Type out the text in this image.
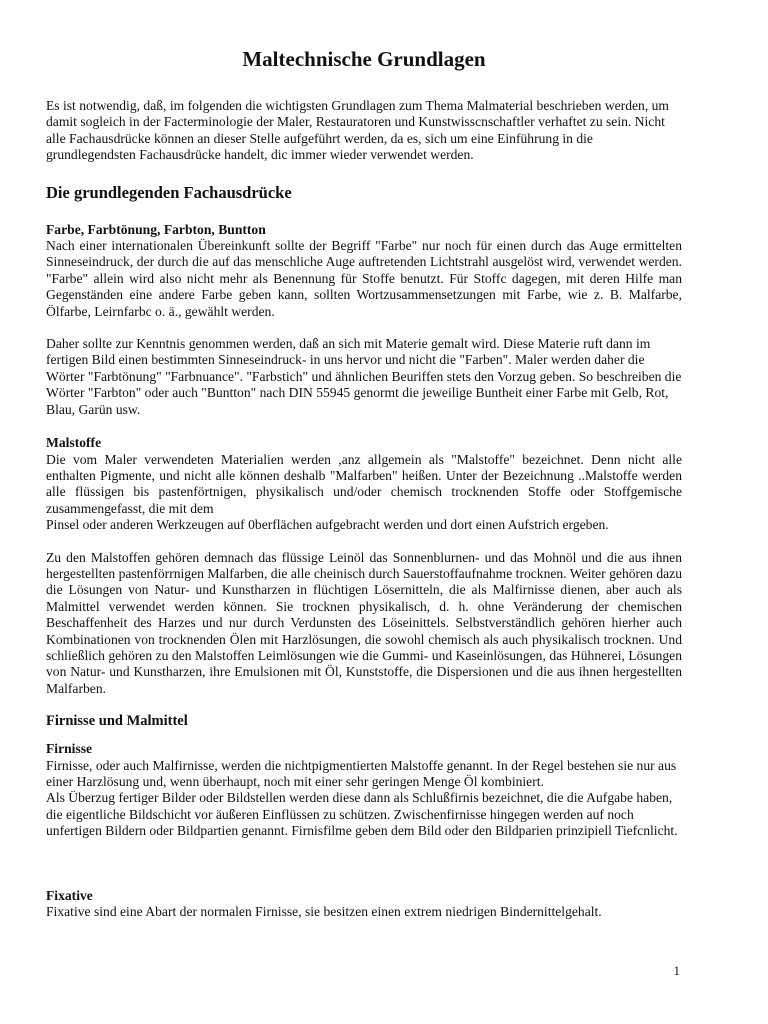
Maltechnische Grundlagen

Es ist notwendig, daß, im folgenden die wichtigsten Grundlagen zum Thema Malmaterial beschrieben werden, um damit sogleich in der Facterminologie der Maler, Restauratoren und Kunstwisscnschaftler verhaftet zu sein. Nicht alle Fachausdrücke können an dieser Stelle aufgeführt werden, da es, sich um eine Einführung in die grundlegendsten Fachausdrücke handelt, dic immer wieder verwendet werden.

Die grundlegenden Fachausdrücke
Farbe, Farbtönung, Farbton, Buntton

Nach einer internationalen Übereinkunft sollte der Begriff "Farbe" nur noch für einen durch das Auge ermittelten Sinneseindruck, der durch die auf das menschliche Auge auftretenden Lichtstrahl ausgelöst wird, verwendet werden. "Farbe" allein wird also nicht mehr als Benennung für Stoffe benutzt. Für Stoffc dagegen, mit deren Hilfe man Gegenständen eine andere Farbe geben kann, sollten Wortzusammensetzungen mit Farbe, wie z. B. Malfarbe, Ölfarbe, Leirnfarbc o. ä., gewählt werden.

Daher sollte zur Kenntnis genommen werden, daß an sich mit Materie gemalt wird. Diese Materie ruft dann im fertigen Bild einen bestimmten Sinneseindruck- in uns hervor und nicht die "Farben". Maler werden daher die Wörter "Farbtönung" "Farbnuance". "Farbstich" und ähnlichen Beuriffen stets den Vorzug geben. So beschreiben die Wörter "Farbton" oder auch "Buntton" nach DIN 55945 genormt die jeweilige Buntheit einer Farbe mit Gelb, Rot, Blau, Garün usw.

Malstoffe

Die vom Maler verwendeten Materialien werden ,anz allgemein als "Malstoffe" bezeichnet. Denn nicht alle enthalten Pigmente, und nicht alle können deshalb "Malfarben" heißen. Unter der Bezeichnung ..Malstoffe werden alle flüssigen bis pastenförtnigen, physikalisch und/oder chemisch trocknenden Stoffe oder Stoffgemische zusammengefasst, die mit dem

Pinsel oder anderen Werkzeugen auf 0berflächen aufgebracht werden und dort einen Aufstrich ergeben.

Zu den Malstoffen gehören demnach das flüssige Leinöl das Sonnenblurnen- und das Mohnöl und die aus ihnen hergestellten pastenförrnigen Malfarben, die alle cheinisch durch Sauerstoffaufnahme trocknen. Weiter gehören dazu die Lösungen von Natur- und Kunstharzen in flüchtigen Lösernitteln, die als Malfirnisse dienen, aber auch als Malmittel verwendet werden können. Sie trocknen physikalisch, d. h. ohne Veränderung der chemischen Beschaffenheit des Harzes und nur durch Verdunsten des Löseinittels. Selbstverständlich gehören hierher auch Kombinationen von trocknenden Ölen mit Harzlösungen, die sowohl chemisch als auch physikalisch trocknen. Und schließlich gehören zu den Malstoffen Leimlösungen wie die Gummi- und Kaseinlösungen, das Hühnerei, Lösungen von Natur- und Kunstharzen, ihre Emulsionen mit Öl, Kunststoffe, die Dispersionen und die aus ihnen hergestellten Malfarben.

Firnisse und Malmittel
Firnisse

Firnisse, oder auch Malfirnisse, werden die nichtpigmentierten Malstoffe genannt. In der Regel bestehen sie nur aus einer Harzlösung und, wenn überhaupt, noch mit einer sehr geringen Menge Öl kombiniert.

Als Überzug fertiger Bilder oder Bildstellen werden diese dann als Schlußfirnis bezeichnet, die die Aufgabe haben, die eigentliche Bildschicht vor äußeren Einflüssen zu schützen. Zwischenfirnisse hingegen werden auf noch unfertigen Bildern oder Bildpartien genannt. Firnisfilme geben dem Bild oder den Bildparien prinzipiell Tiefcnlicht.

Fixative

Fixative sind eine Abart der normalen Firnisse, sie besitzen einen extrem niedrigen Bindernittelgehalt.

1
